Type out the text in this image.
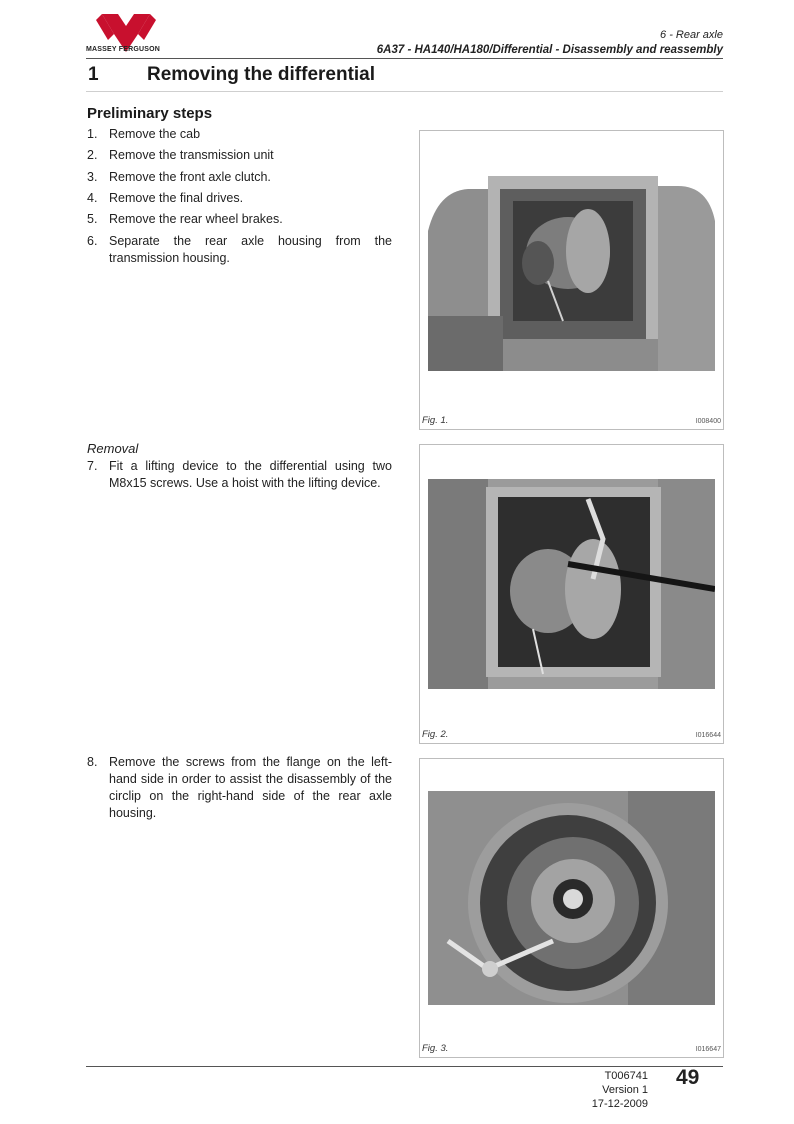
MASSEY FERGUSON
6 - Rear axle
6A37 - HA140/HA180/Differential - Disassembly and reassembly
1	Removing the differential
Preliminary steps
1. Remove the cab
2. Remove the transmission unit
3. Remove the front axle clutch.
4. Remove the final drives.
5. Remove the rear wheel brakes.
6. Separate the rear axle housing from the transmission housing.
Removal
7. Fit a lifting device to the differential using two M8x15 screws. Use a hoist with the lifting device.
8. Remove the screws from the flange on the left-hand side in order to assist the disassembly of the circlip on the right-hand side of the rear axle housing.
Fig. 1.	I008400
Fig. 2.	I016644
Fig. 3.	I016647
T006741
Version 1
17-12-2009
49
